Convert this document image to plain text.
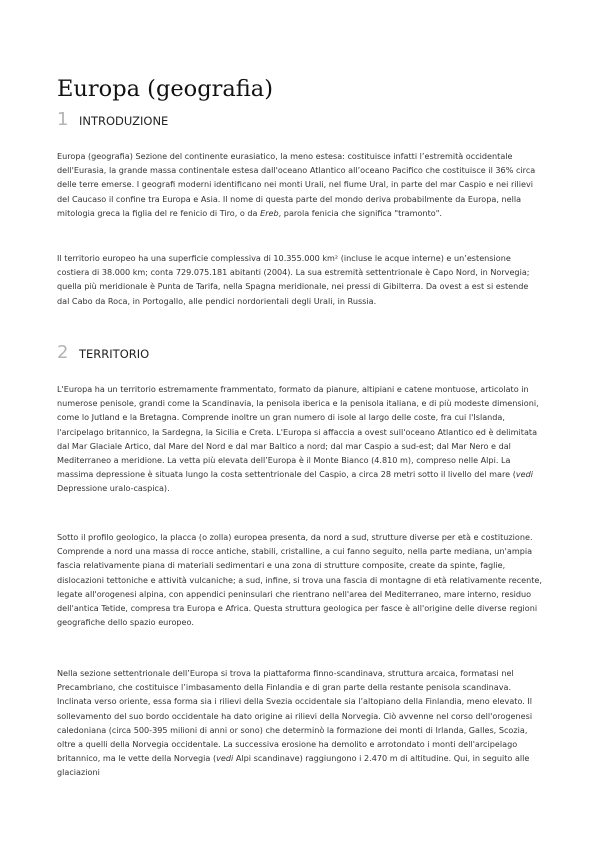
Europa (geografia)
1 INTRODUZIONE

Europa (geografia) Sezione del continente eurasiatico, la meno estesa: costituisce infatti l’estremità occidentale dell'Eurasia, la grande massa continentale estesa dall'oceano Atlantico all’oceano Pacifico che costituisce il 36% circa delle terre emerse. I geografi moderni identificano nei monti Urali, nel fiume Ural, in parte del mar Caspio e nei rilievi del Caucaso il confine tra Europa e Asia. Il nome di questa parte del mondo deriva probabilmente da Europa, nella mitologia greca la figlia del re fenicio di Tiro, o da Ereb, parola fenicia che significa "tramonto".

Il territorio europeo ha una superficie complessiva di 10.355.000 km² (incluse le acque interne) e un’estensione costiera di 38.000 km; conta 729.075.181 abitanti (2004). La sua estremità settentrionale è Capo Nord, in Norvegia; quella più meridionale è Punta de Tarifa, nella Spagna meridionale, nei pressi di Gibilterra. Da ovest a est si estende dal Cabo da Roca, in Portogallo, alle pendici nordorientali degli Urali, in Russia.

2 TERRITORIO

L'Europa ha un territorio estremamente frammentato, formato da pianure, altipiani e catene montuose, articolato in numerose penisole, grandi come la Scandinavia, la penisola iberica e la penisola italiana, e di più modeste dimensioni, come lo Jutland e la Bretagna. Comprende inoltre un gran numero di isole al largo delle coste, fra cui l'Islanda, l'arcipelago britannico, la Sardegna, la Sicilia e Creta. L'Europa si affaccia a ovest sull'oceano Atlantico ed è delimitata dal Mar Glaciale Artico, dal Mare del Nord e dal mar Baltico a nord; dal mar Caspio a sud-est; dal Mar Nero e dal Mediterraneo a meridione. La vetta più elevata dell’Europa è il Monte Bianco (4.810 m), compreso nelle Alpi. La massima depressione è situata lungo la costa settentrionale del Caspio, a circa 28 metri sotto il livello del mare (vedi Depressione uralo-caspica).

Sotto il profilo geologico, la placca (o zolla) europea presenta, da nord a sud, strutture diverse per età e costituzione. Comprende a nord una massa di rocce antiche, stabili, cristalline, a cui fanno seguito, nella parte mediana, un'ampia fascia relativamente piana di materiali sedimentari e una zona di strutture composite, create da spinte, faglie, dislocazioni tettoniche e attività vulcaniche; a sud, infine, si trova una fascia di montagne di età relativamente recente, legate all'orogenesi alpina, con appendici peninsulari che rientrano nell'area del Mediterraneo, mare interno, residuo dell'antica Tetide, compresa tra Europa e Africa. Questa struttura geologica per fasce è all'origine delle diverse regioni geografiche dello spazio europeo.

Nella sezione settentrionale dell’Europa si trova la piattaforma finno-scandinava, struttura arcaica, formatasi nel Precambriano, che costituisce l’imbasamento della Finlandia e di gran parte della restante penisola scandinava. Inclinata verso oriente, essa forma sia i rilievi della Svezia occidentale sia l’altopiano della Finlandia, meno elevato. Il sollevamento del suo bordo occidentale ha dato origine ai rilievi della Norvegia. Ciò avvenne nel corso dell'orogenesi caledoniana (circa 500-395 milioni di anni or sono) che determinò la formazione dei monti di Irlanda, Galles, Scozia, oltre a quelli della Norvegia occidentale. La successiva erosione ha demolito e arrotondato i monti dell'arcipelago britannico, ma le vette della Norvegia (vedi Alpi scandinave) raggiungono i 2.470 m di altitudine. Qui, in seguito alle glaciazioni
